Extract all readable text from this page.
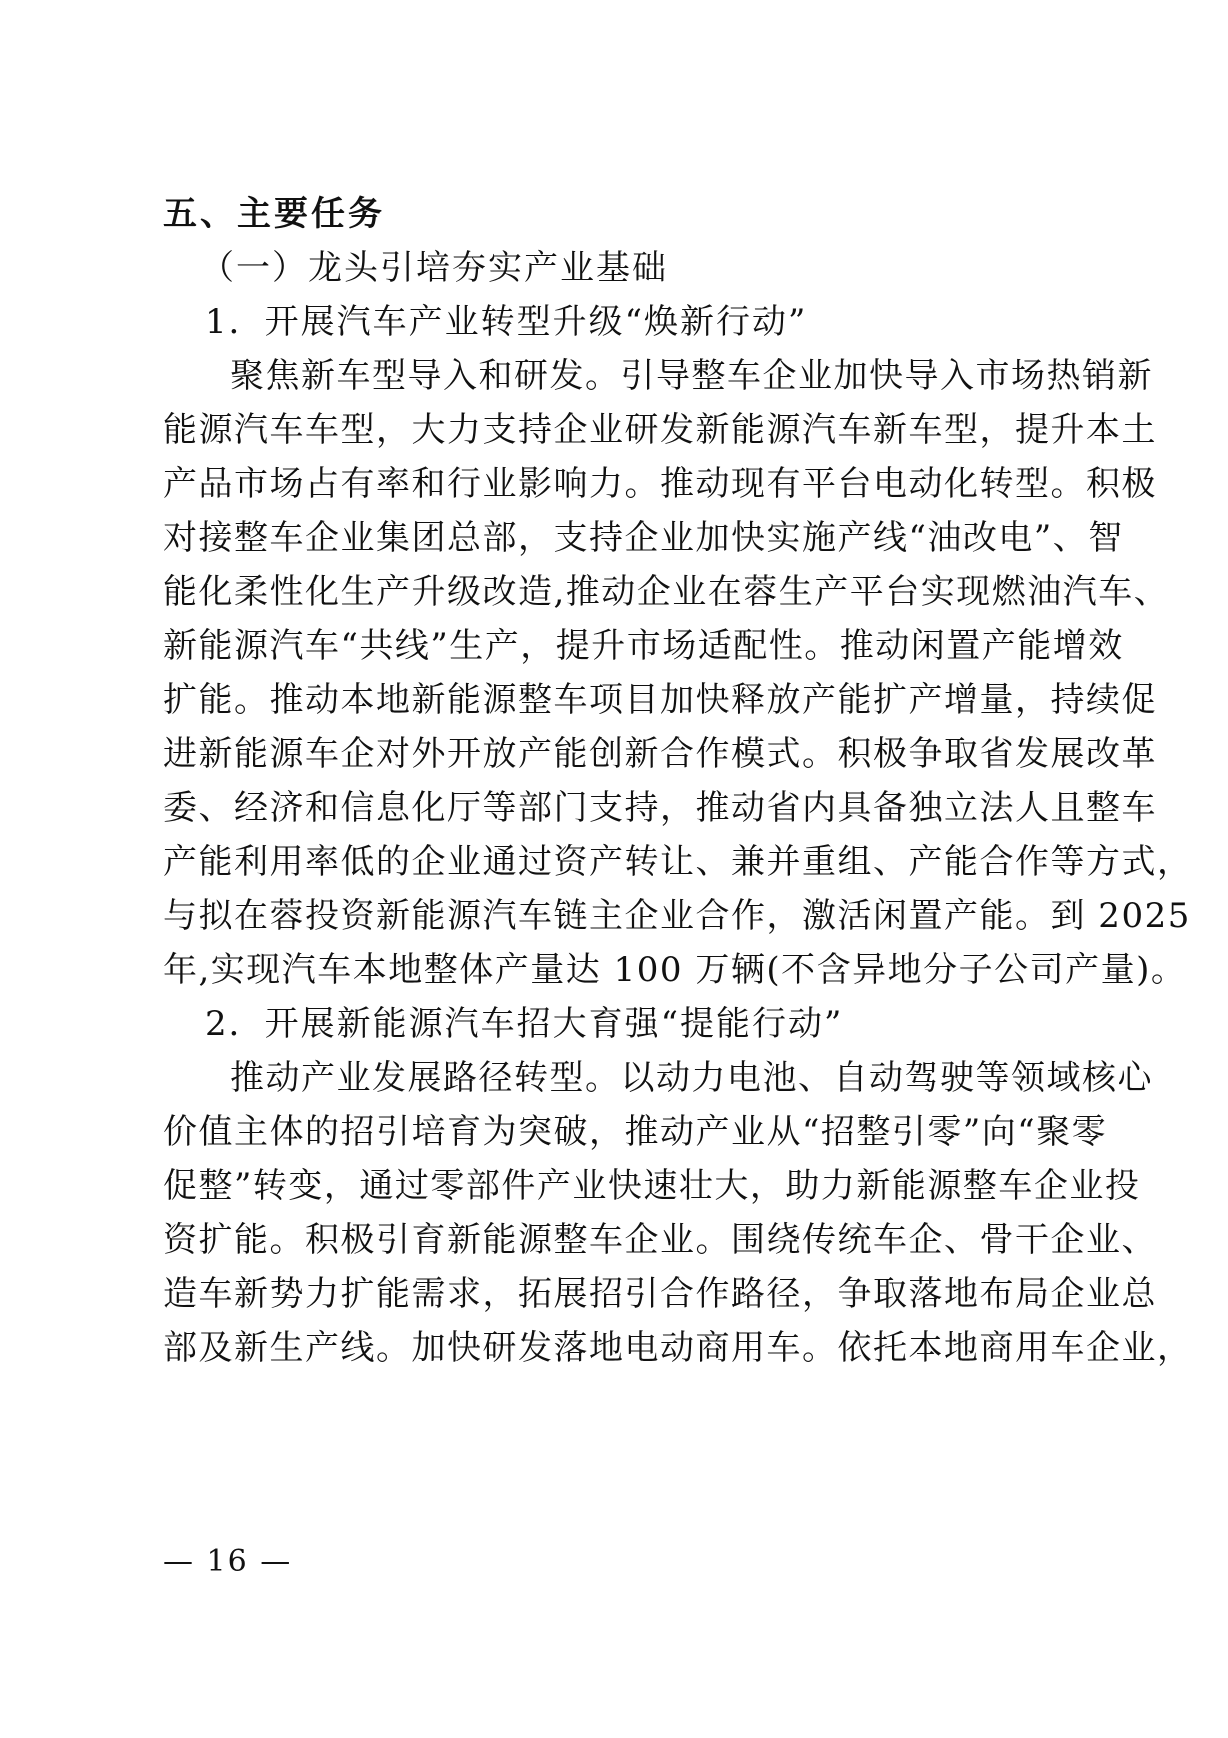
五、主要任务
（一）龙头引培夯实产业基础
1．开展汽车产业转型升级“焕新行动”
聚焦新车型导入和研发。引导整车企业加快导入市场热销新
能源汽车车型，大力支持企业研发新能源汽车新车型，提升本土
产品市场占有率和行业影响力。推动现有平台电动化转型。积极
对接整车企业集团总部，支持企业加快实施产线“油改电”、智
能化柔性化生产升级改造,推动企业在蓉生产平台实现燃油汽车、
新能源汽车“共线”生产，提升市场适配性。推动闲置产能增效
扩能。推动本地新能源整车项目加快释放产能扩产增量，持续促
进新能源车企对外开放产能创新合作模式。积极争取省发展改革
委、经济和信息化厅等部门支持，推动省内具备独立法人且整车
产能利用率低的企业通过资产转让、兼并重组、产能合作等方式，
与拟在蓉投资新能源汽车链主企业合作，激活闲置产能。到 2025
年,实现汽车本地整体产量达 100 万辆(不含异地分子公司产量)。
2．开展新能源汽车招大育强“提能行动”
推动产业发展路径转型。以动力电池、自动驾驶等领域核心
价值主体的招引培育为突破，推动产业从“招整引零”向“聚零
促整”转变，通过零部件产业快速壮大，助力新能源整车企业投
资扩能。积极引育新能源整车企业。围绕传统车企、骨干企业、
造车新势力扩能需求，拓展招引合作路径，争取落地布局企业总
部及新生产线。加快研发落地电动商用车。依托本地商用车企业，
— 16 —
